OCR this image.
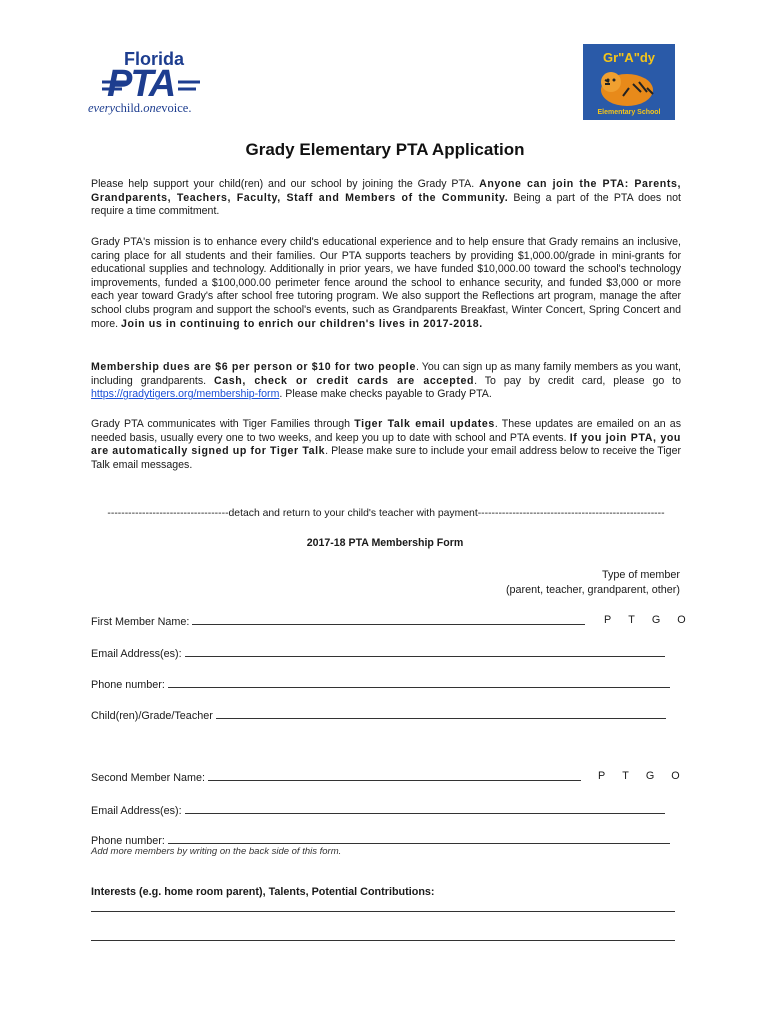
Florida
PTA
everychild.onevoice.
Gr"A"dy
Elementary School
Grady Elementary PTA Application

Please help support your child(ren) and our school by joining the Grady PTA. Anyone can join the PTA: Parents, Grandparents, Teachers, Faculty, Staff and Members of the Community. Being a part of the PTA does not require a time commitment.

Grady PTA's mission is to enhance every child's educational experience and to help ensure that Grady remains an inclusive, caring place for all students and their families. Our PTA supports teachers by providing $1,000.00/grade in mini-grants for educational supplies and technology. Additionally in prior years, we have funded $10,000.00 toward the school's technology improvements, funded a $100,000.00 perimeter fence around the school to enhance security, and funded $3,000 or more each year toward Grady's after school free tutoring program. We also support the Reflections art program, manage the after school clubs program and support the school's events, such as Grandparents Breakfast, Winter Concert, Spring Concert and more. Join us in continuing to enrich our children's lives in 2017-2018.

Membership dues are $6 per person or $10 for two people. You can sign up as many family members as you want, including grandparents. Cash, check or credit cards are accepted. To pay by credit card, please go to https://gradytigers.org/membership-form. Please make checks payable to Grady PTA.

Grady PTA communicates with Tiger Families through Tiger Talk email updates. These updates are emailed on an as needed basis, usually every one to two weeks, and keep you up to date with school and PTA events. If you join PTA, you are automatically signed up for Tiger Talk. Please make sure to include your email address below to receive the Tiger Talk email messages.

-----------------------------------detach and return to your child's teacher with payment------------------------------------------------------
2017-18 PTA Membership Form
Type of member
(parent, teacher, grandparent, other)
First Member Name:	P T G O
Email Address(es):
Phone number:
Child(ren)/Grade/Teacher
Second Member Name:	P T G O
Email Address(es):
Phone number:
Add more members by writing on the back side of this form.
Interests (e.g. home room parent), Talents, Potential Contributions:
